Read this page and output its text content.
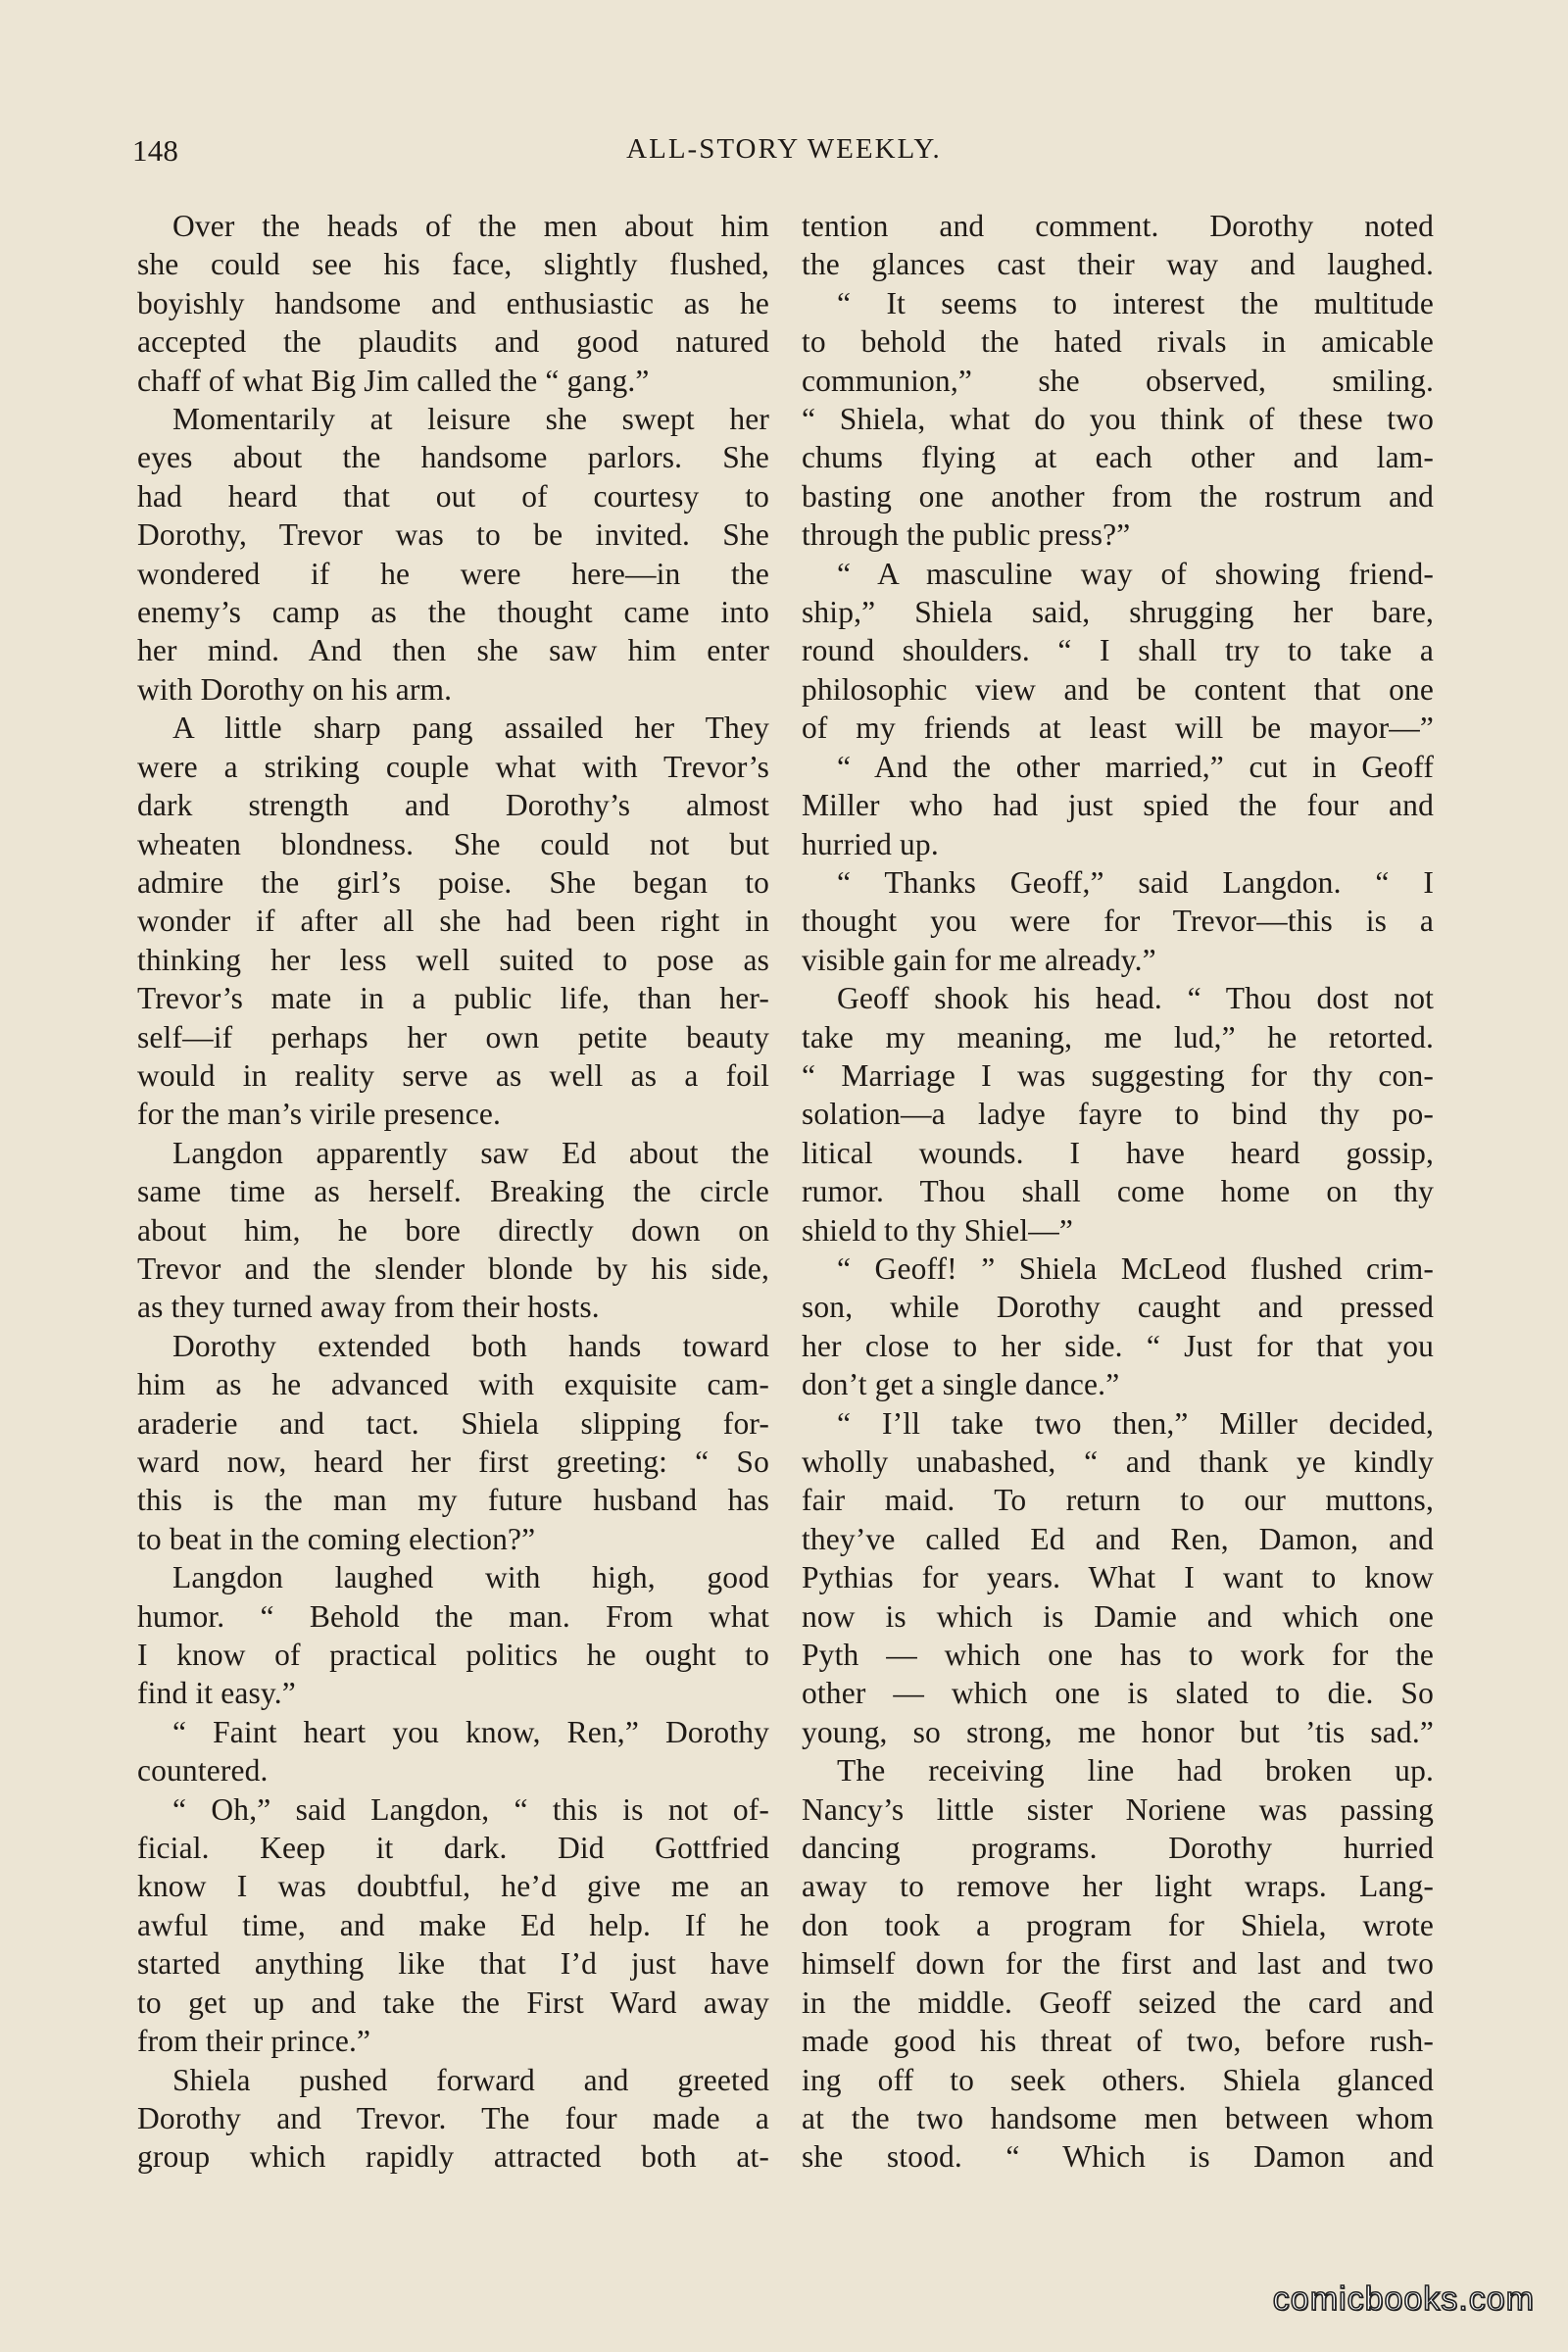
148	ALL-STORY WEEKLY.
Over the heads of the men about him
she could see his face, slightly flushed,
boyishly handsome and enthusiastic as he
accepted the plaudits and good natured
chaff of what Big Jim called the “ gang.”
Momentarily at leisure she swept her
eyes about the handsome parlors. She
had heard that out of courtesy to
Dorothy, Trevor was to be invited. She
wondered if he were here—in the
enemy’s camp as the thought came into
her mind. And then she saw him enter
with Dorothy on his arm.
A little sharp pang assailed her They
were a striking couple what with Trevor’s
dark strength and Dorothy’s almost
wheaten blondness. She could not but
admire the girl’s poise. She began to
wonder if after all she had been right in
thinking her less well suited to pose as
Trevor’s mate in a public life, than her-
self—if perhaps her own petite beauty
would in reality serve as well as a foil
for the man’s virile presence.
Langdon apparently saw Ed about the
same time as herself. Breaking the circle
about him, he bore directly down on
Trevor and the slender blonde by his side,
as they turned away from their hosts.
Dorothy extended both hands toward
him as he advanced with exquisite cam-
araderie and tact. Shiela slipping for-
ward now, heard her first greeting: “ So
this is the man my future husband has
to beat in the coming election?”
Langdon laughed with high, good
humor. “ Behold the man. From what
I know of practical politics he ought to
find it easy.”
“ Faint heart you know, Ren,” Dorothy
countered.
“ Oh,” said Langdon, “ this is not of-
ficial. Keep it dark. Did Gottfried
know I was doubtful, he’d give me an
awful time, and make Ed help. If he
started anything like that I’d just have
to get up and take the First Ward away
from their prince.”
Shiela pushed forward and greeted
Dorothy and Trevor. The four made a
group which rapidly attracted both at-
tention and comment. Dorothy noted
the glances cast their way and laughed.
“ It seems to interest the multitude
to behold the hated rivals in amicable
communion,” she observed, smiling.
“ Shiela, what do you think of these two
chums flying at each other and lam-
basting one another from the rostrum and
through the public press?”
“ A masculine way of showing friend-
ship,” Shiela said, shrugging her bare,
round shoulders. “ I shall try to take a
philosophic view and be content that one
of my friends at least will be mayor—”
“ And the other married,” cut in Geoff
Miller who had just spied the four and
hurried up.
“ Thanks Geoff,” said Langdon. “ I
thought you were for Trevor—this is a
visible gain for me already.”
Geoff shook his head. “ Thou dost not
take my meaning, me lud,” he retorted.
“ Marriage I was suggesting for thy con-
solation—a ladye fayre to bind thy po-
litical wounds. I have heard gossip,
rumor. Thou shall come home on thy
shield to thy Shiel—”
“ Geoff! ” Shiela McLeod flushed crim-
son, while Dorothy caught and pressed
her close to her side. “ Just for that you
don’t get a single dance.”
“ I’ll take two then,” Miller decided,
wholly unabashed, “ and thank ye kindly
fair maid. To return to our muttons,
they’ve called Ed and Ren, Damon, and
Pythias for years. What I want to know
now is which is Damie and which one
Pyth — which one has to work for the
other — which one is slated to die. So
young, so strong, me honor but ’tis sad.”
The receiving line had broken up.
Nancy’s little sister Noriene was passing
dancing programs. Dorothy hurried
away to remove her light wraps. Lang-
don took a program for Shiela, wrote
himself down for the first and last and two
in the middle. Geoff seized the card and
made good his threat of two, before rush-
ing off to seek others. Shiela glanced
at the two handsome men between whom
she stood. “ Which is Damon and
comicbooks.com
